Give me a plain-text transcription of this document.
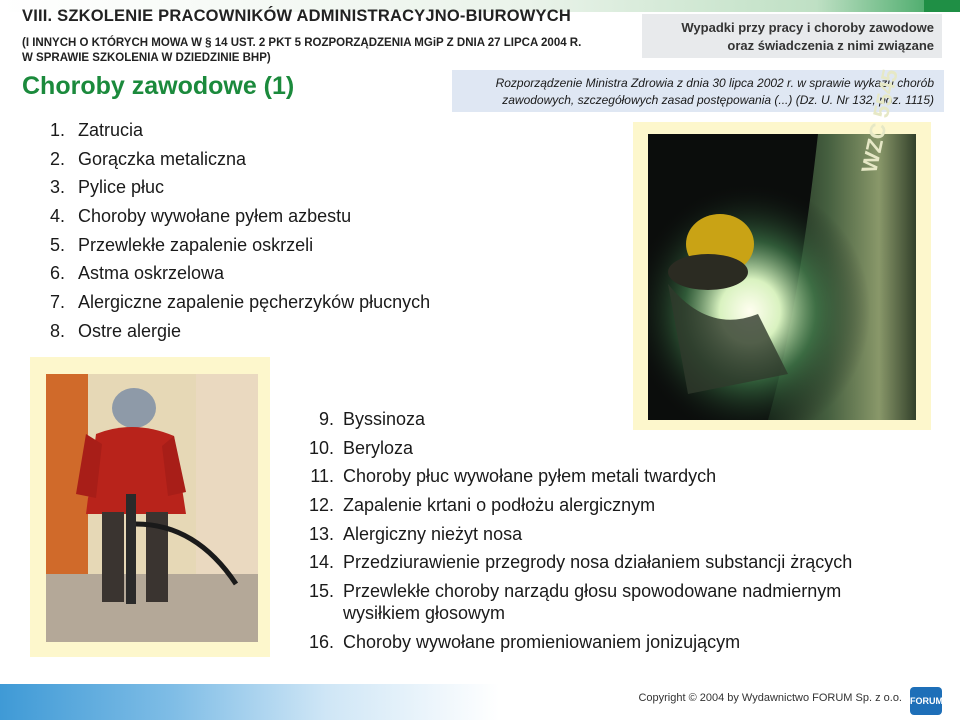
VIII. SZKOLENIE PRACOWNIKÓW ADMINISTRACYJNO-BIUROWYCH
(I INNYCH O KTÓRYCH MOWA W § 14 UST. 2 PKT 5 ROZPORZĄDZENIA MGiP Z DNIA 27 LIPCA 2004 R.
W SPRAWIE SZKOLENIA W DZIEDZINIE BHP)
Choroby zawodowe (1)
Wypadki przy pracy i choroby zawodowe
oraz świadczenia z nimi związane
Rozporządzenie Ministra Zdrowia z dnia 30 lipca 2002 r. w sprawie wykazu chorób
zawodowych, szczegółowych zasad postępowania (...) (Dz. U. Nr 132, poz. 1115)
1. Zatrucia
2. Gorączka metaliczna
3. Pylice płuc
4. Choroby wywołane pyłem azbestu
5. Przewlekłe zapalenie oskrzeli
6. Astma oskrzelowa
7. Alergiczne zapalenie pęcherzyków płucnych
8. Ostre alergie
WZC 5545
9. Byssinoza
10. Beryloza
11. Choroby płuc wywołane pyłem metali twardych
12. Zapalenie krtani o podłożu alergicznym
13. Alergiczny nieżyt nosa
14. Przedziurawienie przegrody nosa działaniem substancji żrących
15. Przewlekłe choroby narządu głosu spowodowane nadmiernym wysiłkiem głosowym
16. Choroby wywołane promieniowaniem jonizującym
Copyright © 2004 by Wydawnictwo FORUM Sp. z o.o. FORUM
